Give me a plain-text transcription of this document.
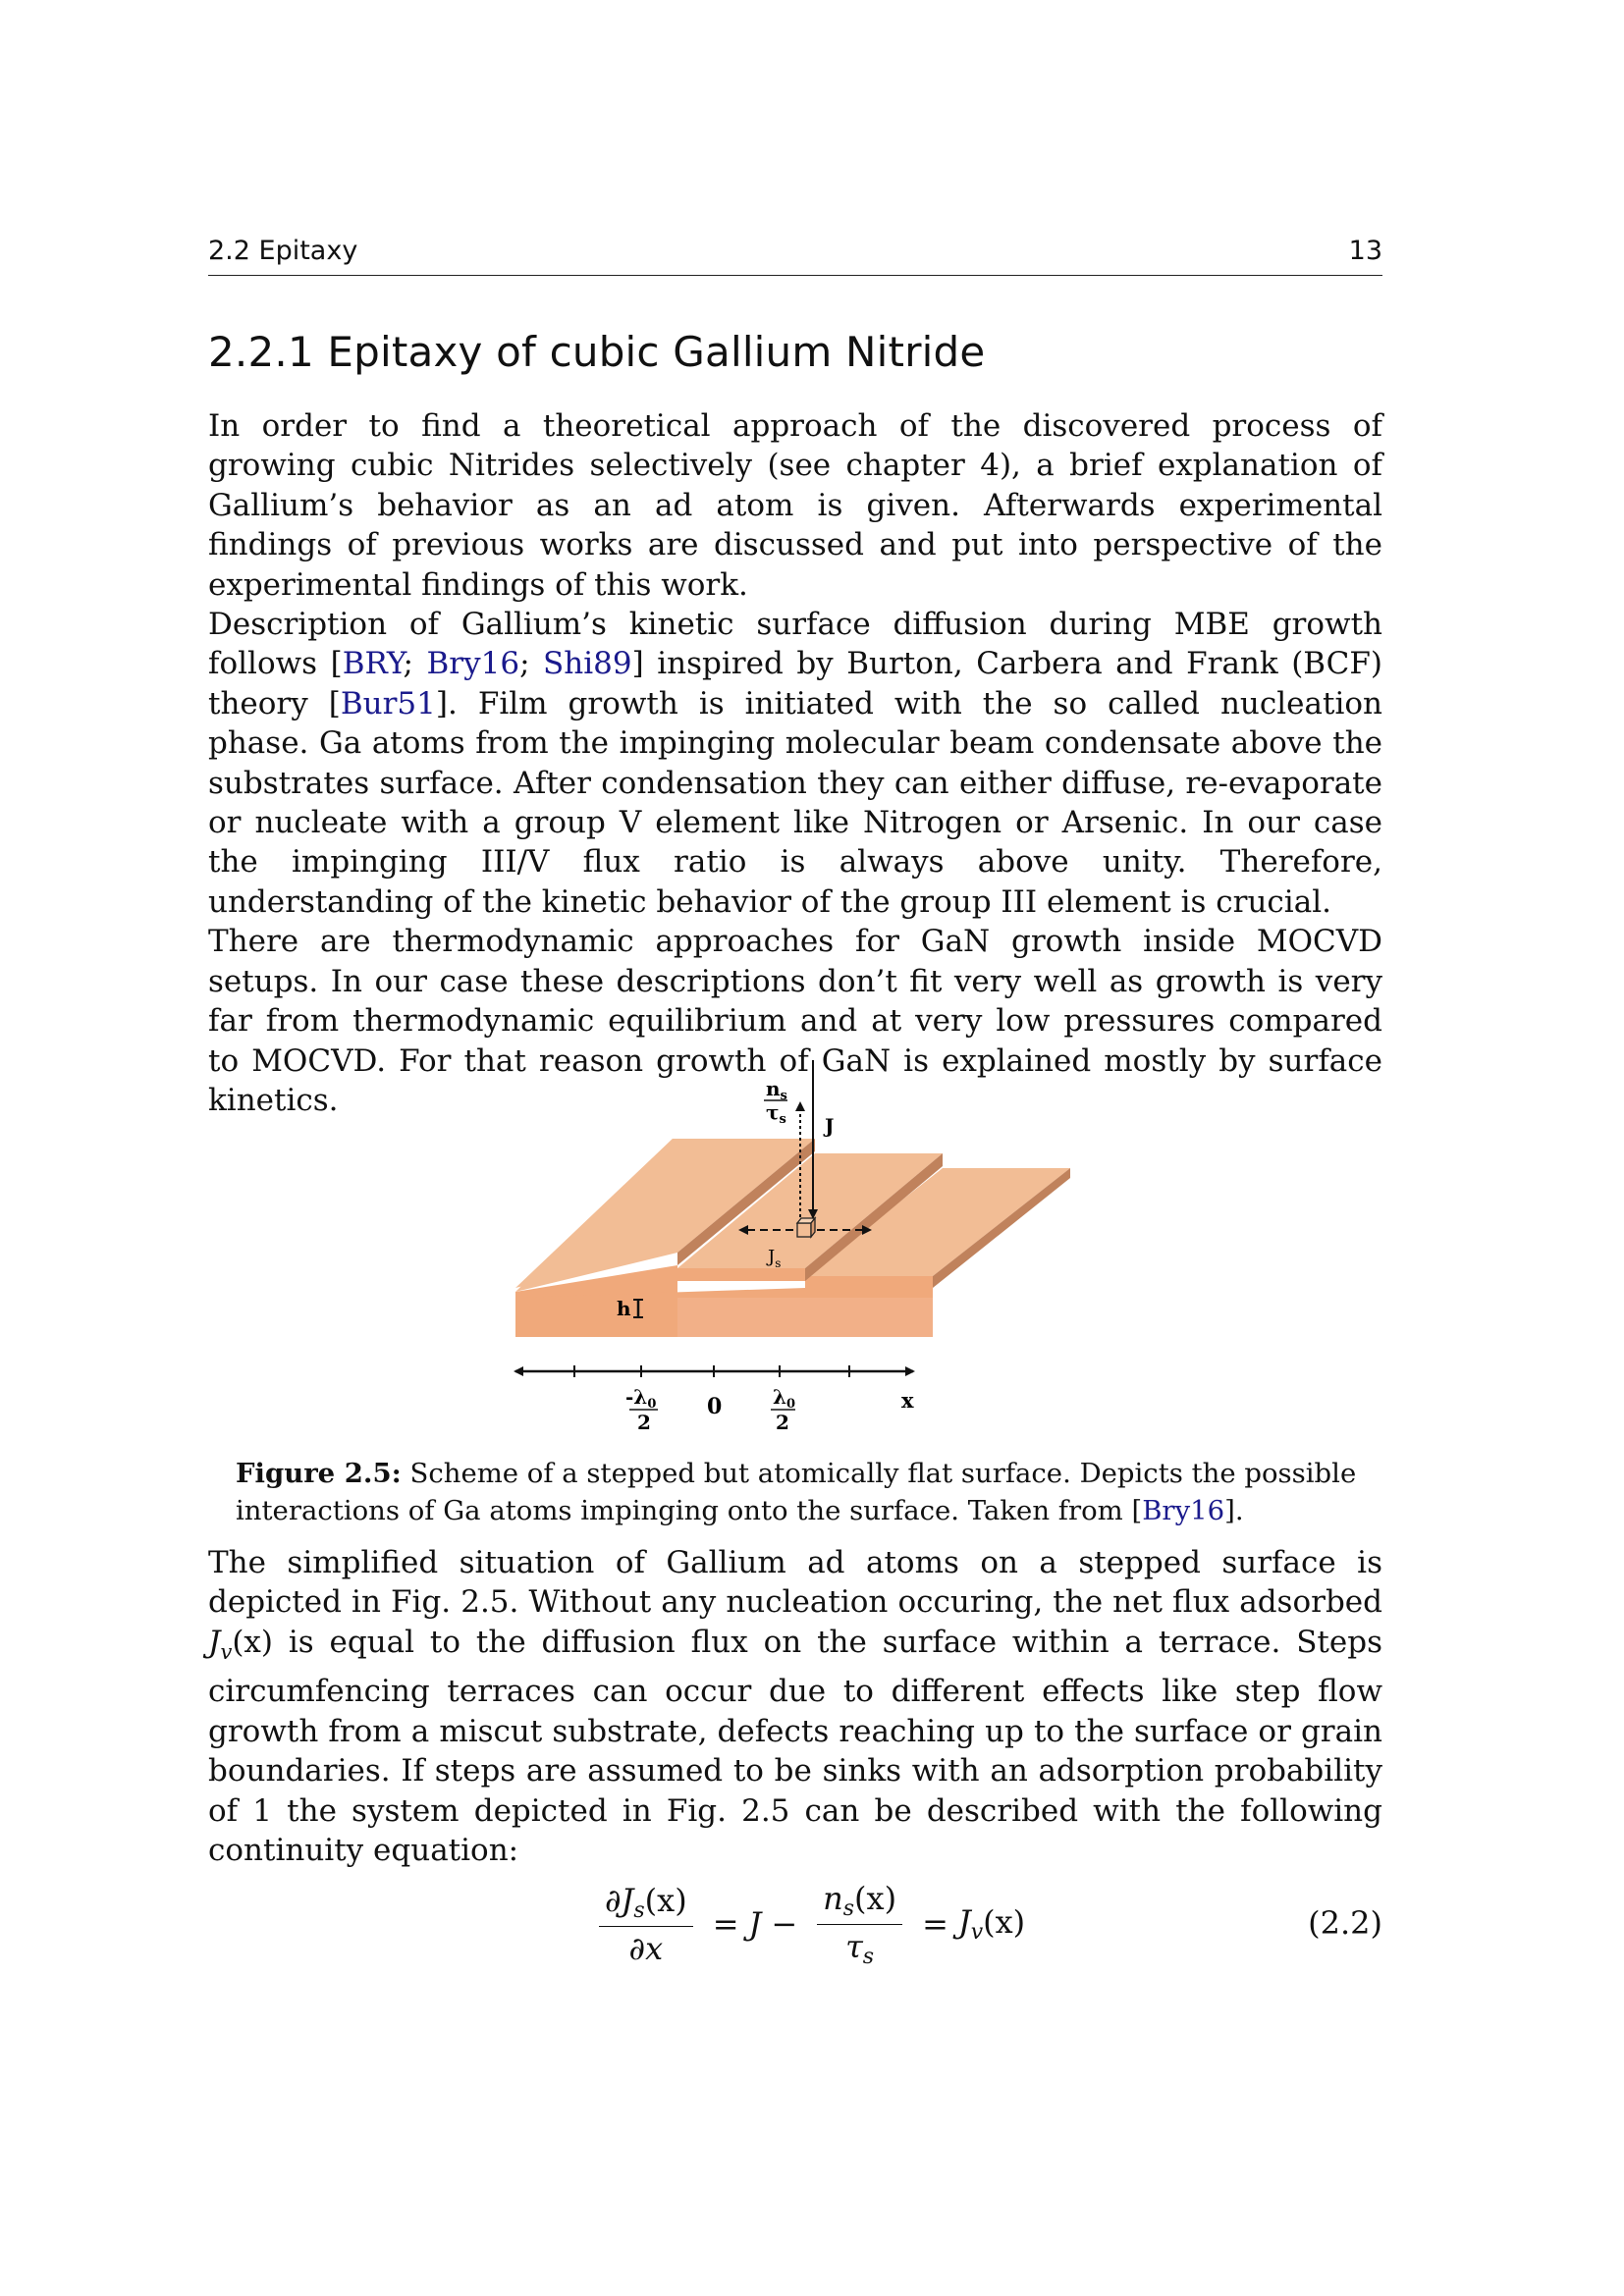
2.2 Epitaxy	13
2.2.1 Epitaxy of cubic Gallium Nitride

In order to find a theoretical approach of the discovered process of growing cubic Nitrides selectively (see chapter 4), a brief explanation of Gallium’s behavior as an ad atom is given. Afterwards experimental findings of previous works are discussed and put into perspective of the experimental findings of this work.

Description of Gallium’s kinetic surface diffusion during MBE growth follows [BRY; Bry16; Shi89] inspired by Burton, Carbera and Frank (BCF) theory [Bur51]. Film growth is initiated with the so called nucleation phase. Ga atoms from the impinging molecular beam condensate above the substrates surface. After condensation they can either diffuse, re-evaporate or nucleate with a group V element like Nitrogen or Arsenic. In our case the impinging III/V flux ratio is always above unity. Therefore, understanding of the kinetic behavior of the group III element is crucial.

There are thermodynamic approaches for GaN growth inside MOCVD setups. In our case these descriptions don’t fit very well as growth is very far from thermodynamic equilibrium and at very low pressures compared to MOCVD. For that reason growth of GaN is explained mostly by surface kinetics.	$n_s$
$\tau_s$ J
$J_s$
h
$-\lambda_0$
2
0	$\lambda_0$
2
x

Figure 2.5: Scheme of a stepped but atomically flat surface. Depicts the possible interactions of Ga atoms impinging onto the surface. Taken from [Bry16].

The simplified situation of Gallium ad atoms on a stepped surface is depicted in Fig. 2.5. Without any nucleation occuring, the net flux adsorbed $J_v(x)$ is equal to the diffusion flux on the surface within a terrace. Steps circumfencing terraces can occur due to different effects like step flow growth from a miscut substrate, defects reaching up to the surface or grain boundaries. If steps are assumed to be sinks with an adsorption probability of 1 the system depicted in Fig. 2.5 can be described with the following continuity equation:

$\frac{\partial J_s(x)}{\partial x} = J - \frac{n_s(x)}{\tau_s} = J_v(x)$	(2.2)
